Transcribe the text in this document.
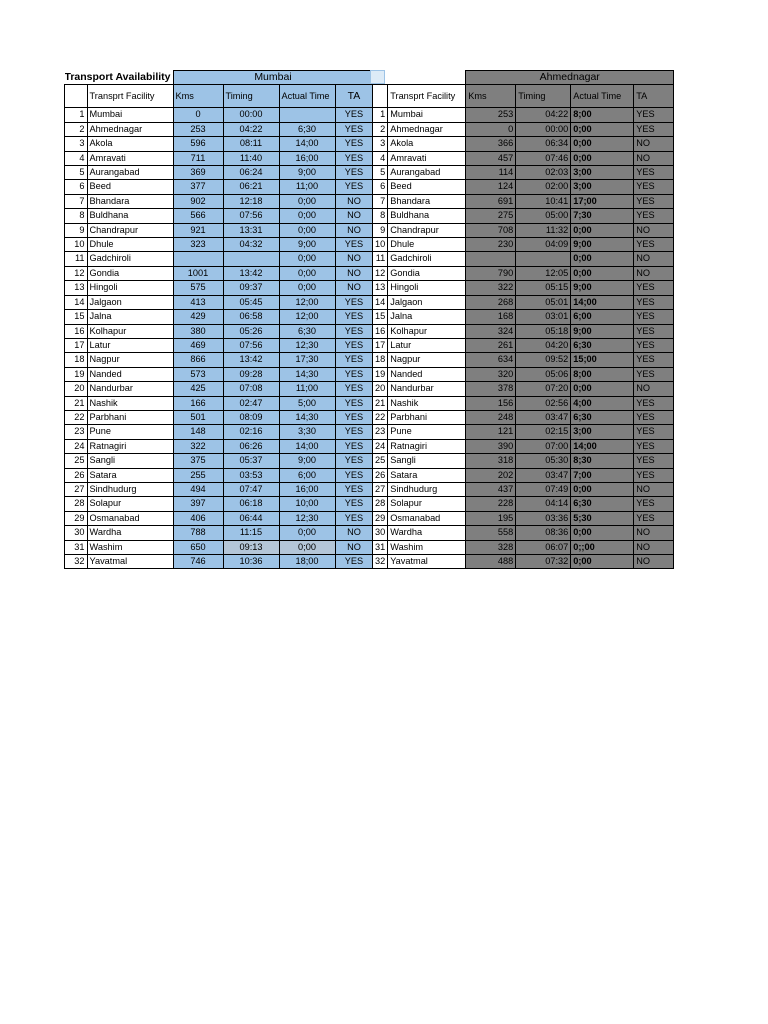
Transport Availability		Mumbai			
	Transprt Facility	Kms	Timing	Actual Time	TA
1	Mumbai	0	00:00		YES
2	Ahmednagar	253	04:22	6;30	YES
3	Akola	596	08:11	14;00	YES
4	Amravati	711	11:40	16;00	YES
5	Aurangabad	369	06:24	9;00	YES
6	Beed	377	06:21	11;00	YES
7	Bhandara	902	12:18	0;00	NO
8	Buldhana	566	07:56	0;00	NO
9	Chandrapur	921	13:31	0;00	NO
10	Dhule	323	04:32	9;00	YES
11	Gadchiroli			0;00	NO
12	Gondia	1001	13:42	0;00	NO
13	Hingoli	575	09:37	0;00	NO
14	Jalgaon	413	05:45	12;00	YES
15	Jalna	429	06:58	12;00	YES
16	Kolhapur	380	05:26	6;30	YES
17	Latur	469	07:56	12;30	YES
18	Nagpur	866	13:42	17;30	YES
19	Nanded	573	09:28	14;30	YES
20	Nandurbar	425	07:08	11;00	YES
21	Nashik	166	02:47	5;00	YES
22	Parbhani	501	08:09	14;30	YES
23	Pune	148	02:16	3;30	YES
24	Ratnagiri	322	06:26	14;00	YES
25	Sangli	375	05:37	9;00	YES
26	Satara	255	03:53	6;00	YES
27	Sindhudurg	494	07:47	16;00	YES
28	Solapur	397	06:18	10;00	YES
29	Osmanabad	406	06:44	12;30	YES
30	Wardha	788	11:15	0;00	NO
31	Washim	650	09:13	0;00	NO
32	Yavatmal	746	10:36	18;00	YES
		Ahmednagar			
	Transprt Facility	Kms	Timing	Actual Time	TA
1	Mumbai	253	04:22	8;00	YES
2	Ahmednagar	0	00:00	0;00	YES
3	Akola	366	06:34	0;00	NO
4	Amravati	457	07:46	0;00	NO
5	Aurangabad	114	02:03	3;00	YES
6	Beed	124	02:00	3;00	YES
7	Bhandara	691	10:41	17;00	YES
8	Buldhana	275	05:00	7;30	YES
9	Chandrapur	708	11:32	0;00	NO
10	Dhule	230	04:09	9;00	YES
11	Gadchiroli			0;00	NO
12	Gondia	790	12:05	0;00	NO
13	Hingoli	322	05:15	9;00	YES
14	Jalgaon	268	05:01	14;00	YES
15	Jalna	168	03:01	6;00	YES
16	Kolhapur	324	05:18	9;00	YES
17	Latur	261	04:20	6;30	YES
18	Nagpur	634	09:52	15;00	YES
19	Nanded	320	05:06	8;00	YES
20	Nandurbar	378	07:20	0;00	NO
21	Nashik	156	02:56	4;00	YES
22	Parbhani	248	03:47	6;30	YES
23	Pune	121	02:15	3;00	YES
24	Ratnagiri	390	07:00	14;00	YES
25	Sangli	318	05:30	8;30	YES
26	Satara	202	03:47	7;00	YES
27	Sindhudurg	437	07:49	0;00	NO
28	Solapur	228	04:14	6;30	YES
29	Osmanabad	195	03:36	5;30	YES
30	Wardha	558	08:36	0;00	NO
31	Washim	328	06:07	0;;00	NO
32	Yavatmal	488	07:32	0;00	NO
